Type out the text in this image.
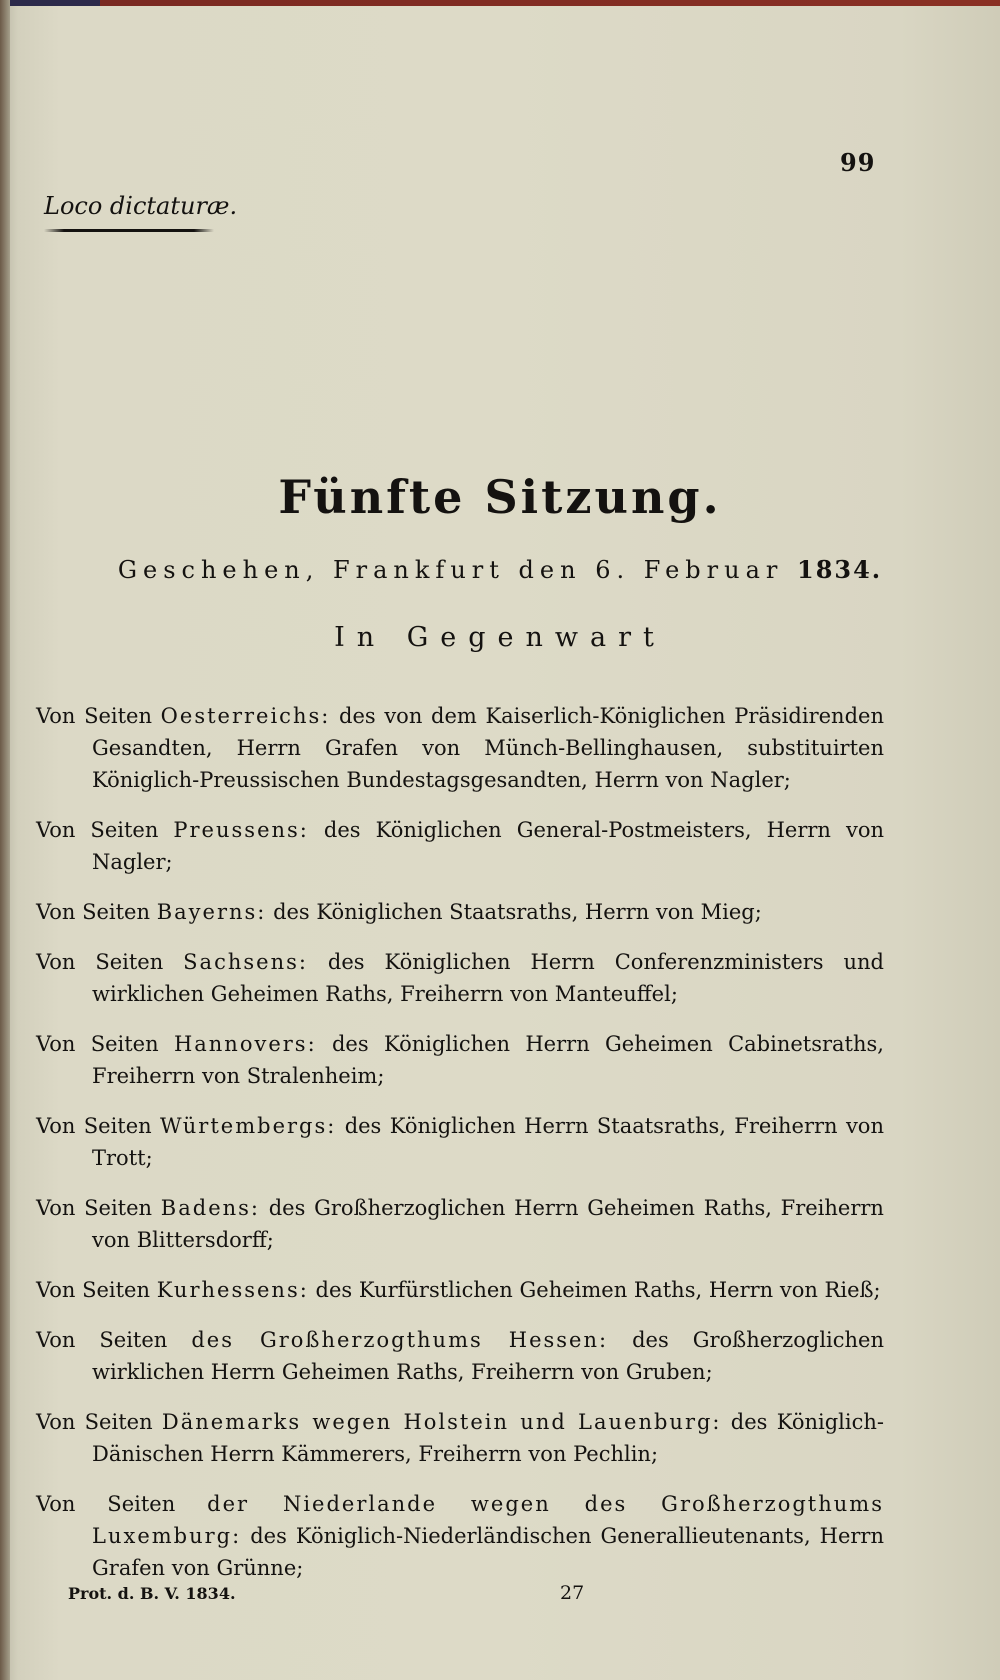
99
Loco dictaturæ.
Fünfte Sitzung.
Geschehen, Frankfurt den 6. Februar 1834.
In Gegenwart

Von Seiten Oesterreichs: des von dem Kaiserlich-Königlichen Präsidirenden Gesandten, Herrn Grafen von Münch-Bellinghausen, substituirten Königlich-Preussischen Bundestagsgesandten, Herrn von Nagler;

Von Seiten Preussens: des Königlichen General-Postmeisters, Herrn von Nagler;

Von Seiten Bayerns: des Königlichen Staatsraths, Herrn von Mieg;

Von Seiten Sachsens: des Königlichen Herrn Conferenzministers und wirklichen Geheimen Raths, Freiherrn von Manteuffel;

Von Seiten Hannovers: des Königlichen Herrn Geheimen Cabinetsraths, Freiherrn von Stralenheim;

Von Seiten Würtembergs: des Königlichen Herrn Staatsraths, Freiherrn von Trott;

Von Seiten Badens: des Großherzoglichen Herrn Geheimen Raths, Freiherrn von Blittersdorff;

Von Seiten Kurhessens: des Kurfürstlichen Geheimen Raths, Herrn von Rieß;

Von Seiten des Großherzogthums Hessen: des Großherzoglichen wirklichen Herrn Geheimen Raths, Freiherrn von Gruben;

Von Seiten Dänemarks wegen Holstein und Lauenburg: des Königlich-Dänischen Herrn Kämmerers, Freiherrn von Pechlin;

Von Seiten der Niederlande wegen des Großherzogthums Luxemburg: des Königlich-Niederländischen Generallieutenants, Herrn Grafen von Grünne;

Prot. d. B. V. 1834.	27
